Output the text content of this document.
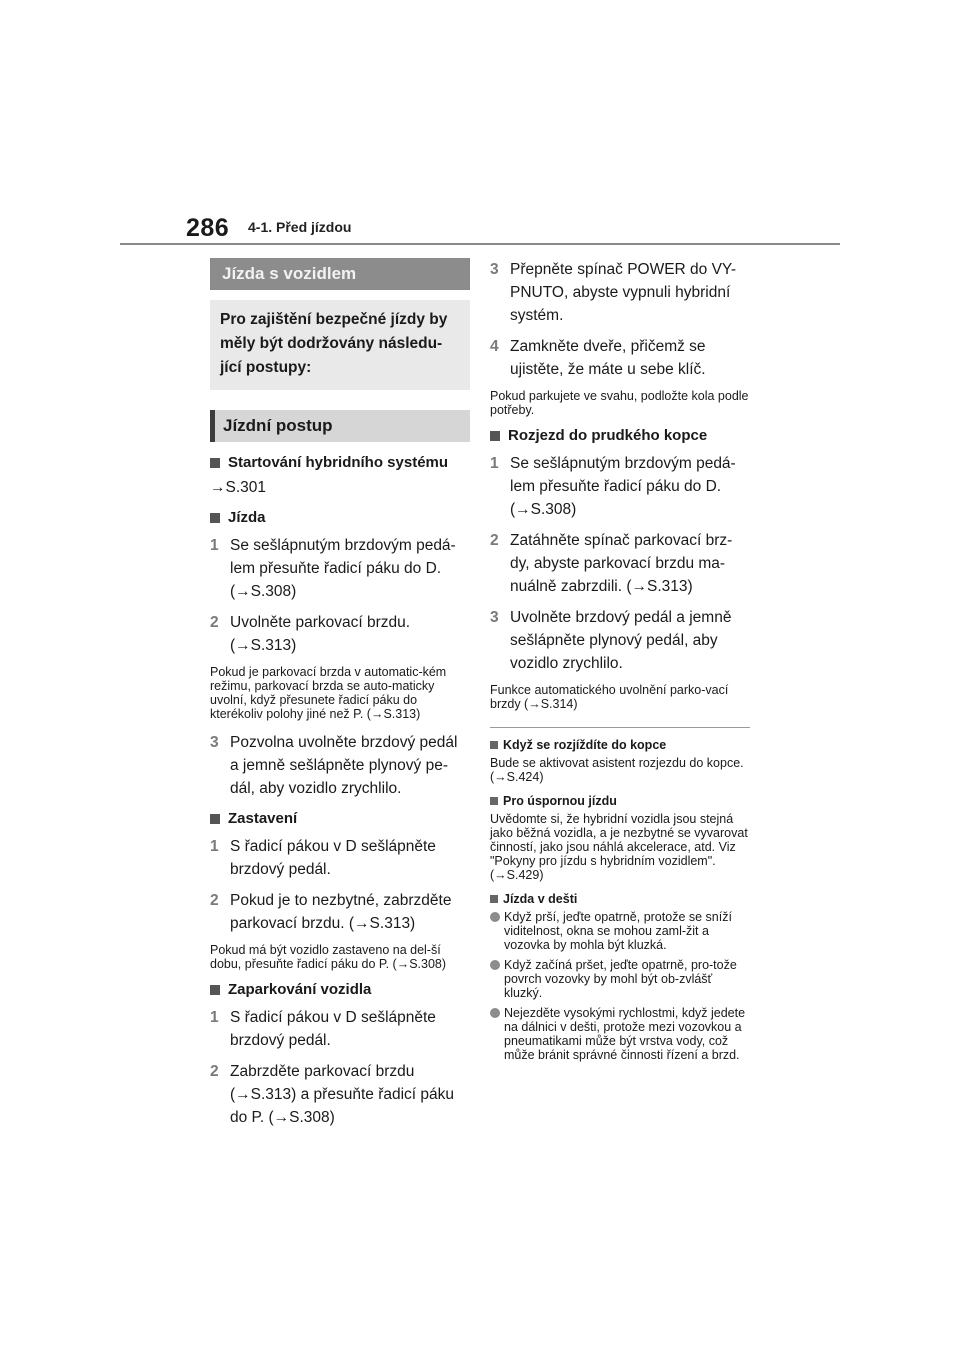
286 4-1. Před jízdou
Jízda s vozidlem
Pro zajištění bezpečné jízdy by měly být dodržovány následu-jící postupy:
Jízdní postup
Startování hybridního systému
→S.301
Jízda
1 Se sešlápnutým brzdovým pedá-lem přesuňte řadicí páku do D. (→S.308)
2 Uvolněte parkovací brzdu. (→S.313)
Pokud je parkovací brzda v automatic-kém režimu, parkovací brzda se auto-maticky uvolní, když přesunete řadicí páku do kterékoliv polohy jiné než P. (→S.313)
3 Pozvolna uvolněte brzdový pedál a jemně sešlápněte plynový pe-dál, aby vozidlo zrychlilo.
Zastavení
1 S řadicí pákou v D sešlápněte brzdový pedál.
2 Pokud je to nezbytné, zabrzděte parkovací brzdu. (→S.313)
Pokud má být vozidlo zastaveno na del-ší dobu, přesuňte řadicí páku do P. (→S.308)
Zaparkování vozidla
1 S řadicí pákou v D sešlápněte brzdový pedál.
2 Zabrzděte parkovací brzdu (→S.313) a přesuňte řadicí páku do P. (→S.308)
3 Přepněte spínač POWER do VY-PNUTO, abyste vypnuli hybridní systém.
4 Zamkněte dveře, přičemž se ujistěte, že máte u sebe klíč.
Pokud parkujete ve svahu, podložte kola podle potřeby.
Rozjezd do prudkého kopce
1 Se sešlápnutým brzdovým pedá-lem přesuňte řadicí páku do D. (→S.308)
2 Zatáhněte spínač parkovací brz-dy, abyste parkovací brzdu ma-nuálně zabrzdili. (→S.313)
3 Uvolněte brzdový pedál a jemně sešlápněte plynový pedál, aby vozidlo zrychlilo.
Funkce automatického uvolnění parko-vací brzdy (→S.314)
Když se rozjíždíte do kopce
Bude se aktivovat asistent rozjezdu do kopce. (→S.424)
Pro úspornou jízdu
Uvědomte si, že hybridní vozidla jsou stejná jako běžná vozidla, a je nezbytné se vyvarovat činností, jako jsou náhlá akcelerace, atd. Viz "Pokyny pro jízdu s hybridním vozidlem". (→S.429)
Jízda v dešti
Když prší, jeďte opatrně, protože se sníží viditelnost, okna se mohou zaml-žit a vozovka by mohla být kluzká.
Když začíná pršet, jeďte opatrně, pro-tože povrch vozovky by mohl být ob-zvlášť kluzký.
Nejezděte vysokými rychlostmi, když jedete na dálnici v dešti, protože mezi vozovkou a pneumatikami může být vrstva vody, což může bránit správné činnosti řízení a brzd.
